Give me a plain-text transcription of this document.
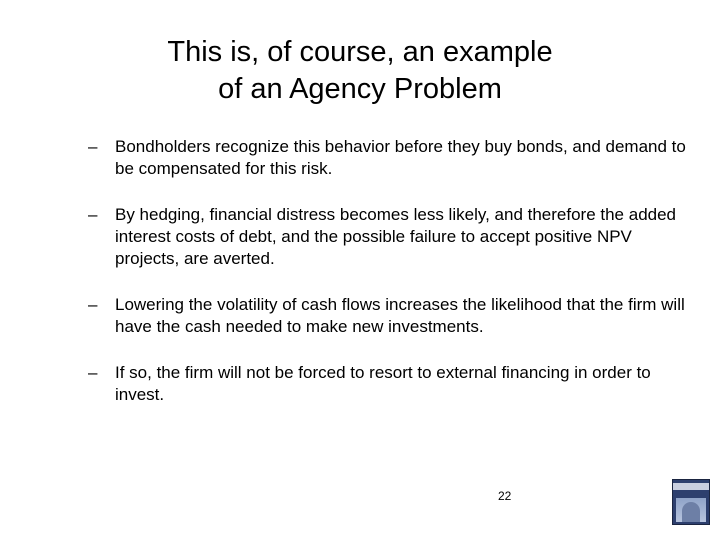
This is, of course, an example
of an Agency Problem
– Bondholders recognize this behavior before they buy bonds, and demand to be compensated for this risk.
– By hedging, financial distress becomes less likely, and therefore the added interest costs of debt, and the possible failure to accept positive NPV projects, are averted.
– Lowering the volatility of cash flows increases the likelihood that the firm will have the cash needed to make new investments.
– If so, the firm will not be forced to resort to external financing in order to invest.
22
